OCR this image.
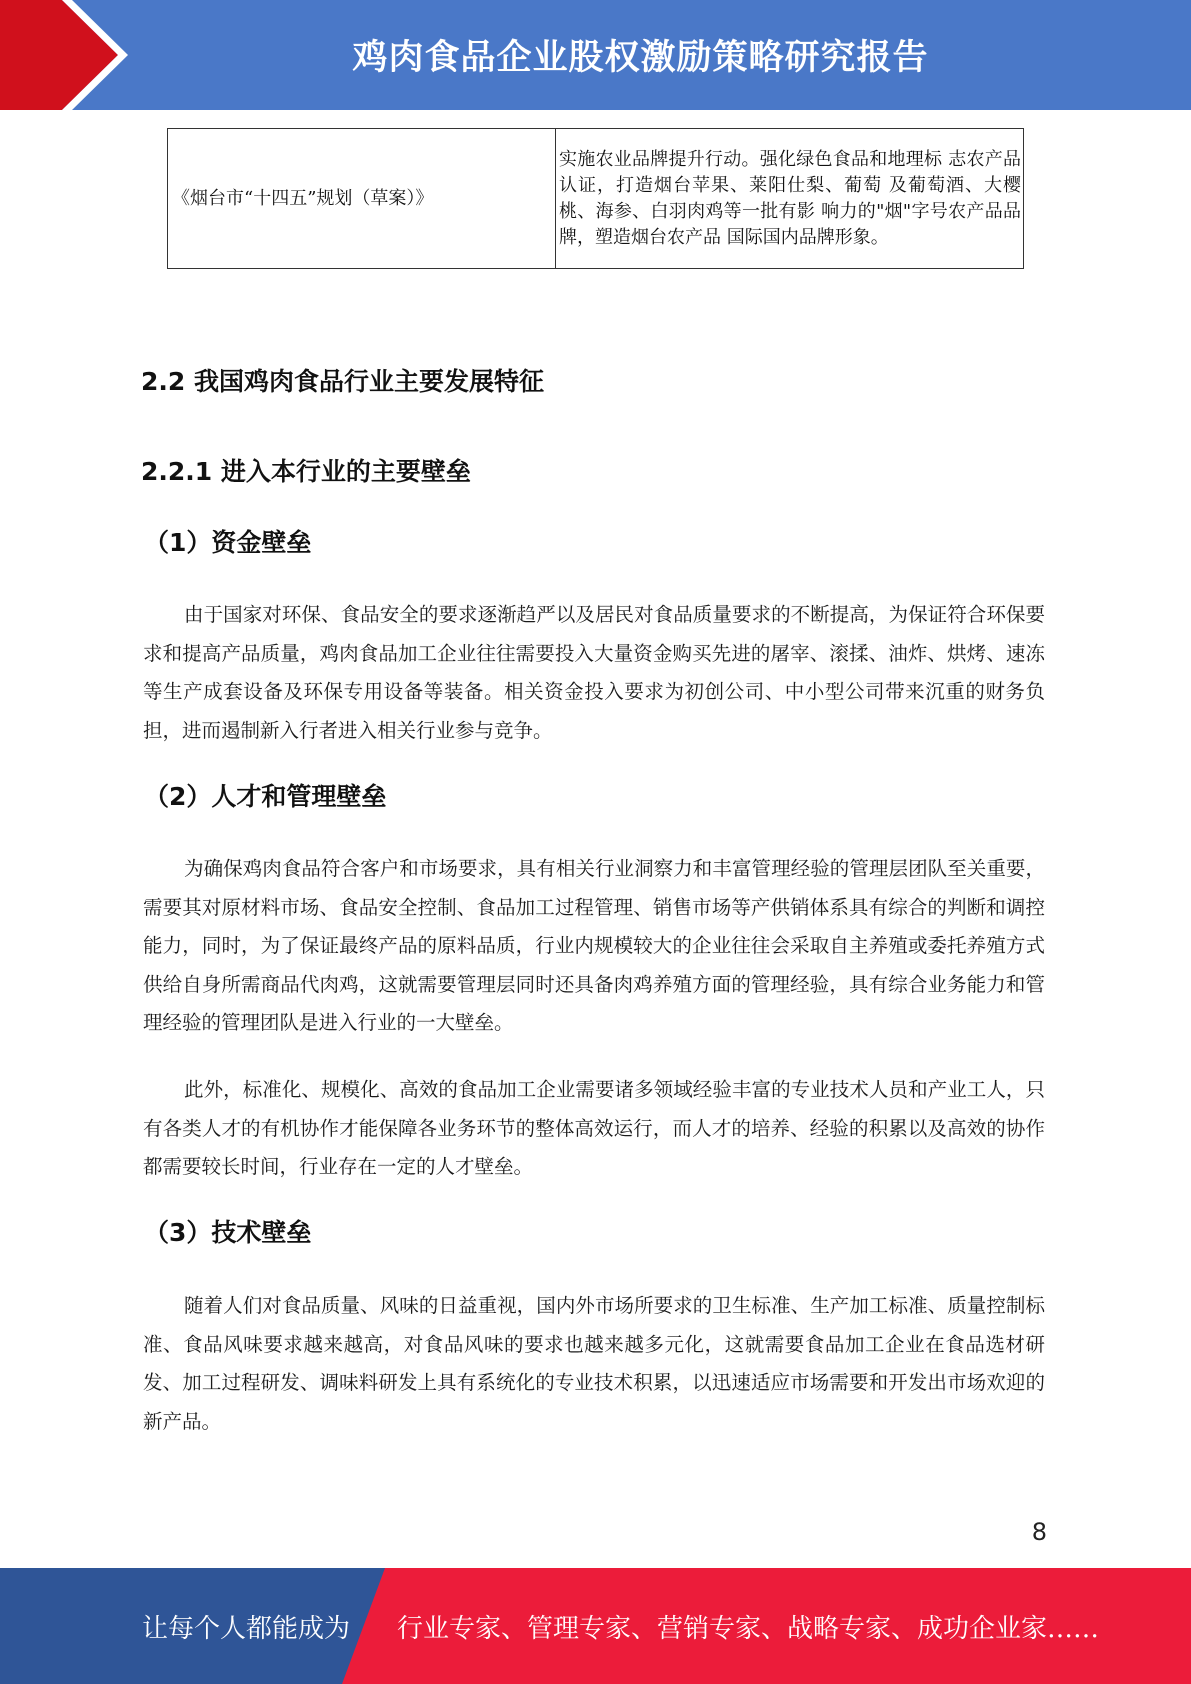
鸡肉食品企业股权激励策略研究报告
《烟台市“十四五”规划（草案）》	实施农业品牌提升行动。强化绿色食品和地理标 志农产品认证，打造烟台苹果、莱阳仕梨、葡萄 及葡萄酒、大樱桃、海参、白羽肉鸡等一批有影 响力的"烟"字号农产品品牌，塑造烟台农产品 国际国内品牌形象。
2.2 我国鸡肉食品行业主要发展特征
2.2.1 进入本行业的主要壁垒
（1）资金壁垒
由于国家对环保、食品安全的要求逐渐趋严以及居民对食品质量要求的不断提高，为保证符合环保要求和提高产品质量，鸡肉食品加工企业往往需要投入大量资金购买先进的屠宰、滚揉、油炸、烘烤、速冻等生产成套设备及环保专用设备等装备。相关资金投入要求为初创公司、中小型公司带来沉重的财务负担，进而遏制新入行者进入相关行业参与竞争。
（2）人才和管理壁垒
为确保鸡肉食品符合客户和市场要求，具有相关行业洞察力和丰富管理经验的管理层团队至关重要，需要其对原材料市场、食品安全控制、食品加工过程管理、销售市场等产供销体系具有综合的判断和调控能力，同时，为了保证最终产品的原料品质，行业内规模较大的企业往往会采取自主养殖或委托养殖方式供给自身所需商品代肉鸡，这就需要管理层同时还具备肉鸡养殖方面的管理经验，具有综合业务能力和管理经验的管理团队是进入行业的一大壁垒。
此外，标准化、规模化、高效的食品加工企业需要诸多领域经验丰富的专业技术人员和产业工人，只有各类人才的有机协作才能保障各业务环节的整体高效运行，而人才的培养、经验的积累以及高效的协作都需要较长时间，行业存在一定的人才壁垒。
（3）技术壁垒
随着人们对食品质量、风味的日益重视，国内外市场所要求的卫生标准、生产加工标准、质量控制标准、食品风味要求越来越高，对食品风味的要求也越来越多元化，这就需要食品加工企业在食品选材研发、加工过程研发、调味料研发上具有系统化的专业技术积累，以迅速适应市场需要和开发出市场欢迎的新产品。
8
让每个人都能成为 行业专家、管理专家、营销专家、战略专家、成功企业家……
